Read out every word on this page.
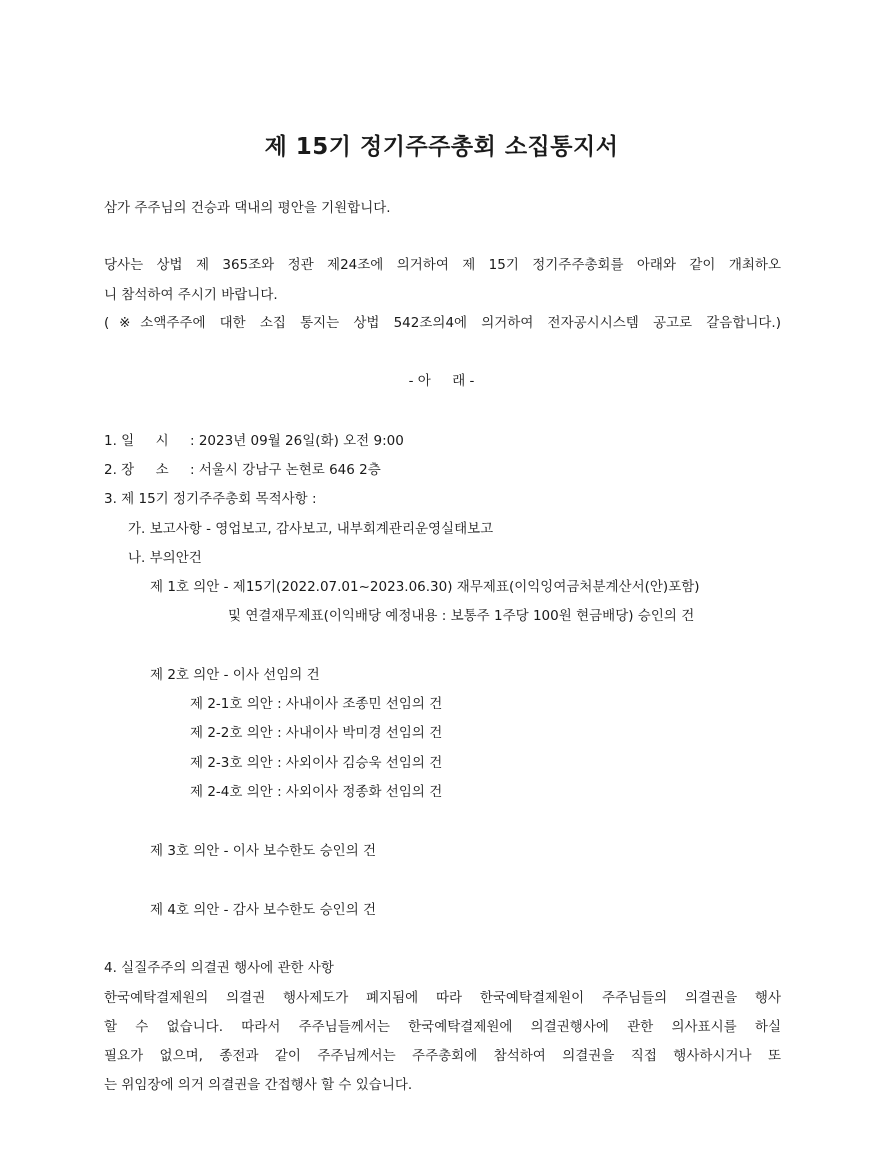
제 15기 정기주주총회 소집통지서
삼가 주주님의 건승과 댁내의 평안을 기원합니다.
당사는 상법 제 365조와 정관 제24조에 의거하여 제 15기 정기주주총회를 아래와 같이 개최하오
니 참석하여 주시기 바랍니다.
(※소액주주에 대한 소집 통지는 상법 542조의4에 의거하여 전자공시시스템 공고로 갈음합니다.)
- 아     래 -
1. 일     시 : 2023년 09월 26일(화) 오전 9:00
2. 장     소 : 서울시 강남구 논현로 646 2층
3. 제 15기 정기주주총회 목적사항 :
가. 보고사항 - 영업보고, 감사보고, 내부회계관리운영실태보고
나. 부의안건
제 1호 의안 - 제15기(2022.07.01~2023.06.30) 재무제표(이익잉여금처분계산서(안)포함)
및 연결재무제표(이익배당 예정내용 : 보통주 1주당 100원 현금배당) 승인의 건
제 2호 의안 - 이사 선임의 건
제 2-1호 의안 : 사내이사 조종민 선임의 건
제 2-2호 의안 : 사내이사 박미경 선임의 건
제 2-3호 의안 : 사외이사 김승욱 선임의 건
제 2-4호 의안 : 사외이사 정종화 선임의 건
제 3호 의안 - 이사 보수한도 승인의 건
제 4호 의안 - 감사 보수한도 승인의 건
4. 실질주주의 의결권 행사에 관한 사항
한국예탁결제원의 의결권 행사제도가 폐지됨에 따라 한국예탁결제원이 주주님들의 의결권을 행사
할 수 없습니다. 따라서 주주님들께서는 한국예탁결제원에 의결권행사에 관한 의사표시를 하실
필요가 없으며, 종전과 같이 주주님께서는 주주총회에 참석하여 의결권을 직접 행사하시거나 또
는 위임장에 의거 의결권을 간접행사 할 수 있습니다.
